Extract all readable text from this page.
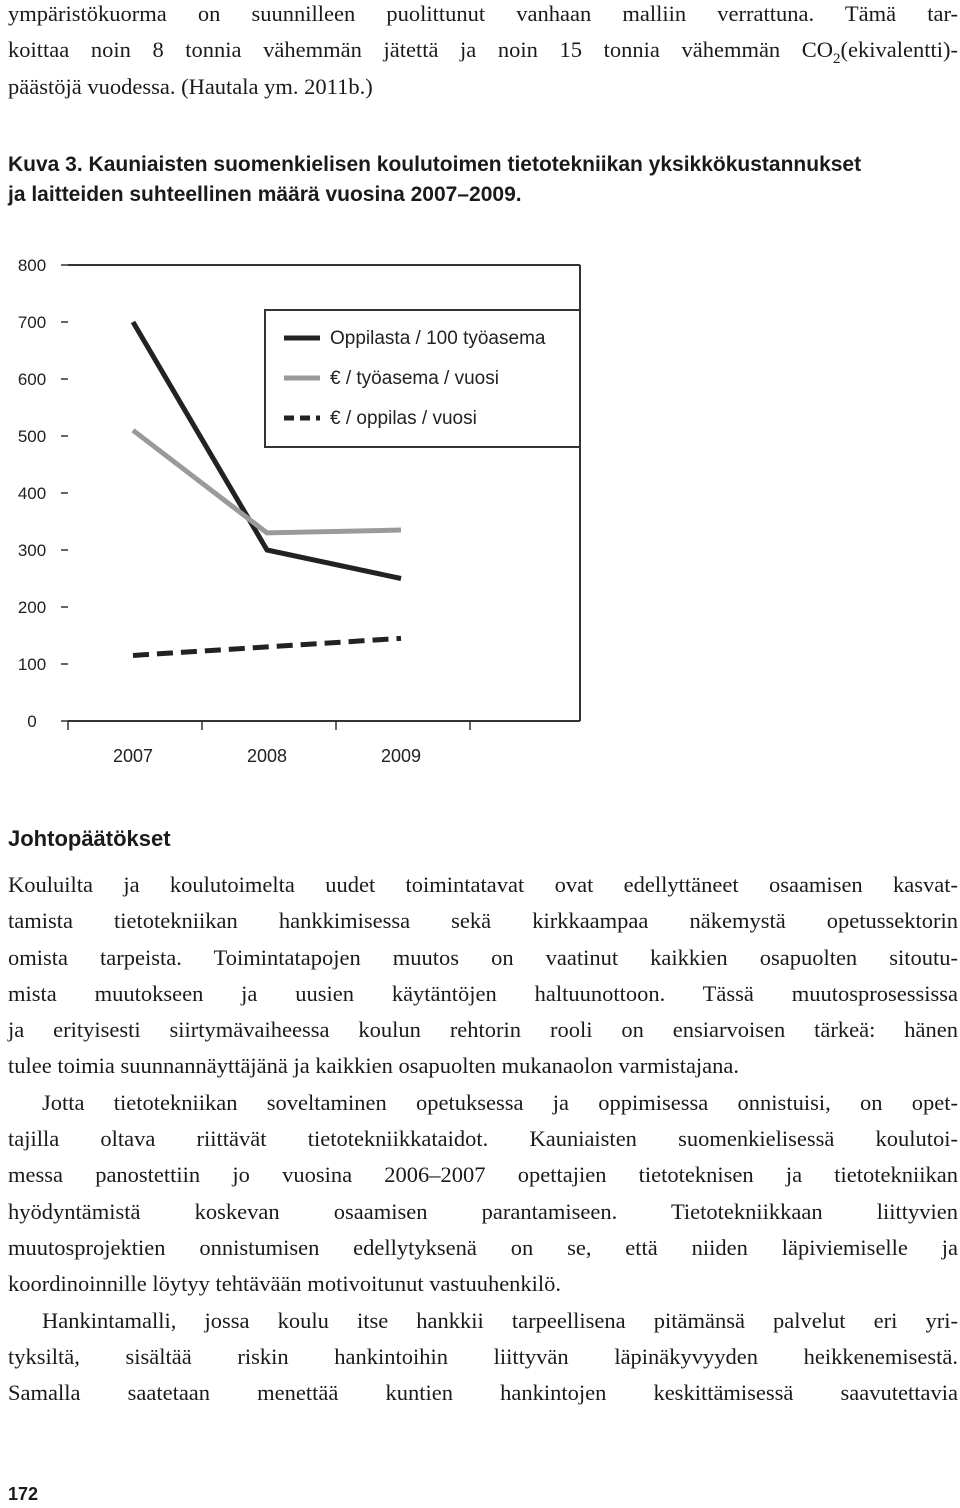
ympäristökuorma on suunnilleen puolittunut vanhaan malliin verrattuna. Tämä tar-
koittaa noin 8 tonnia vähemmän jätettä ja noin 15 tonnia vähemmän $CO_2(ekivalentti)-$
päästöjä vuodessa. (Hautala ym. 2011b.)
Kuva 3. Kauniaisten suomenkielisen koulutoimen tietotekniikan yksikkökustannukset
ja laitteiden suhteellinen määrä vuosina 2007–2009.
0
100
200
300
400
500
600
700
800
2007	2008	2009
Oppilasta / 100 työasema
€ / työasema / vuosi
€ / oppilas / vuosi
Johtopäätökset
Kouluilta ja koulutoimelta uudet toimintatavat ovat edellyttäneet osaamisen kasvat-
tamista tietotekniikan hankkimisessa sekä kirkkaampaa näkemystä opetussektorin
omista tarpeista. Toimintatapojen muutos on vaatinut kaikkien osapuolten sitoutu-
mista muutokseen ja uusien käytäntöjen haltuunottoon. Tässä muutosprosessissa
ja erityisesti siirtymävaiheessa koulun rehtorin rooli on ensiarvoisen tärkeä: hänen
tulee toimia suunnannäyttäjänä ja kaikkien osapuolten mukanaolon varmistajana.
Jotta tietotekniikan soveltaminen opetuksessa ja oppimisessa onnistuisi, on opet-
tajilla oltava riittävät tietotekniikkataidot. Kauniaisten suomenkielisessä koulutoi-
messa panostettiin jo vuosina 2006–2007 opettajien tietoteknisen ja tietotekniikan
hyödyntämistä koskevan osaamisen parantamiseen. Tietotekniikkaan liittyvien
muutosprojektien onnistumisen edellytyksenä on se, että niiden läpiviemiselle ja
koordinoinnille löytyy tehtävään motivoitunut vastuuhenkilö.
Hankintamalli, jossa koulu itse hankkii tarpeellisena pitämänsä palvelut eri yri-
tyksiltä, sisältää riskin hankintoihin liittyvän läpinäkyvyyden heikkenemisestä.
Samalla saatetaan menettää kuntien hankintojen keskittämisessä saavutettavia
172
